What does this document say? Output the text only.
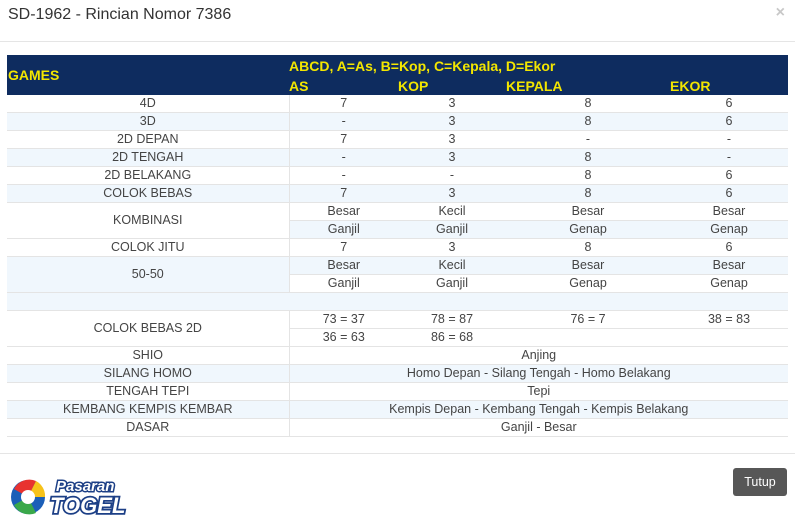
SD-1962 - Rincian Nomor 7386	×
GAMES	ABCD, A=As, B=Kop, C=Kepala, D=Ekor			
	AS	KOP	KEPALA	EKOR
4D	7	3	8	6
3D	-	3	8	6
2D DEPAN	7	3	-	-
2D TENGAH	-	3	8	-
2D BELAKANG	-	-	8	6
COLOK BEBAS	7	3	8	6
KOMBINASI	Besar	Kecil	Besar	Besar
	Ganjil	Ganjil	Genap	Genap
COLOK JITU	7	3	8	6
50-50	Besar	Kecil	Besar	Besar
	Ganjil	Ganjil	Genap	Genap

COLOK BEBAS 2D	73 = 37	78 = 87	76 = 7	38 = 83
	36 = 63	86 = 68		
SHIO	Anjing			
SILANG HOMO	Homo Depan - Silang Tengah - Homo Belakang			
TENGAH TEPI	Tepi			
KEMBANG KEMPIS KEMBAR	Kempis Depan - Kembang Tengah - Kempis Belakang			
DASAR	Ganjil - Besar			
Pasaran
TOGEL
Tutup
